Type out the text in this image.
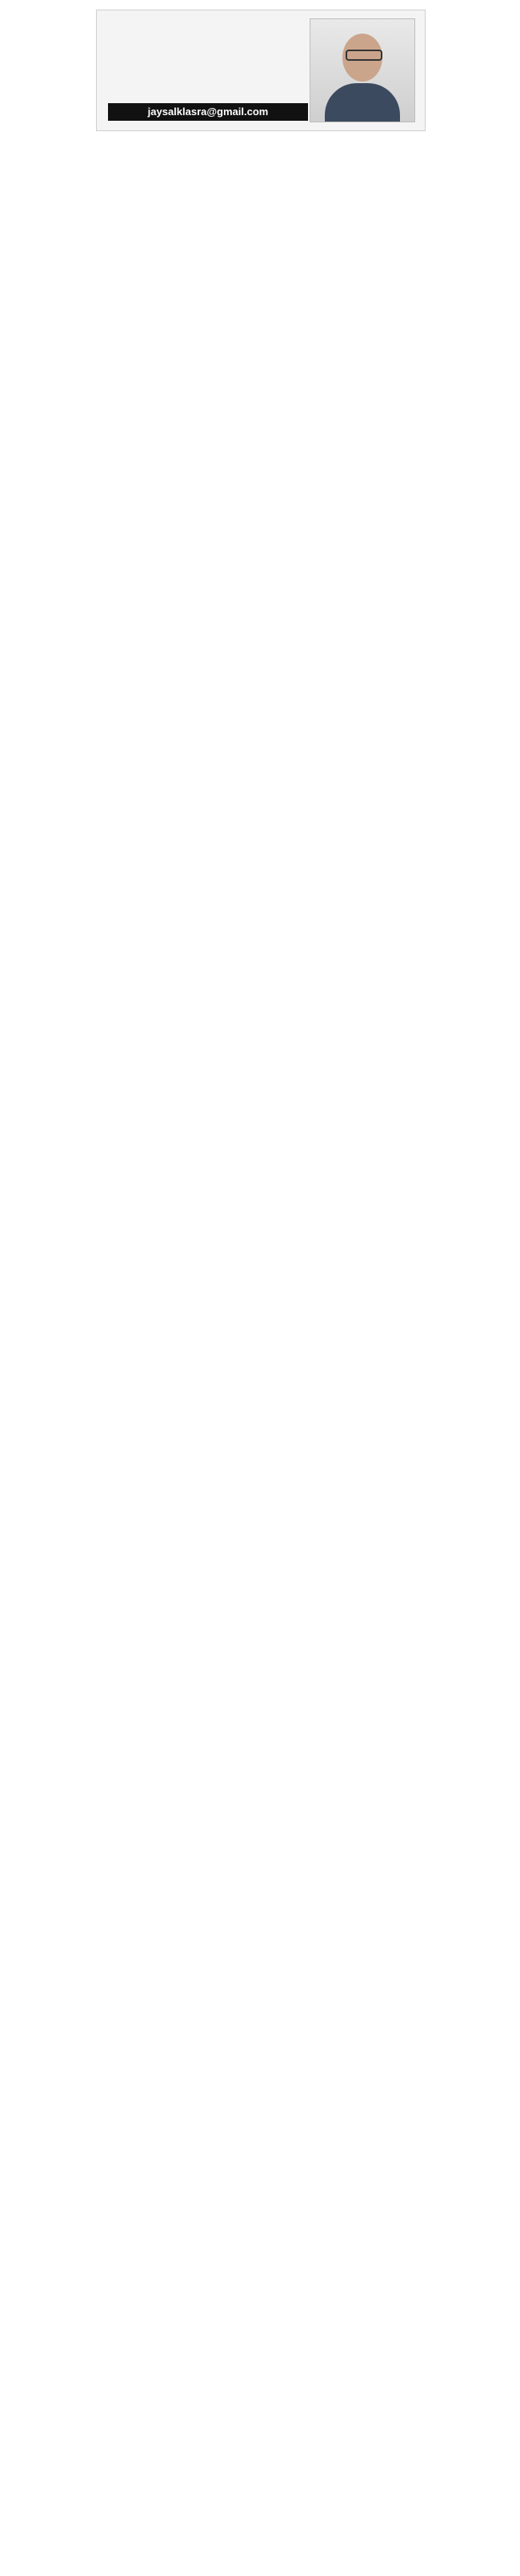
jaysalklasra@gmail.com
